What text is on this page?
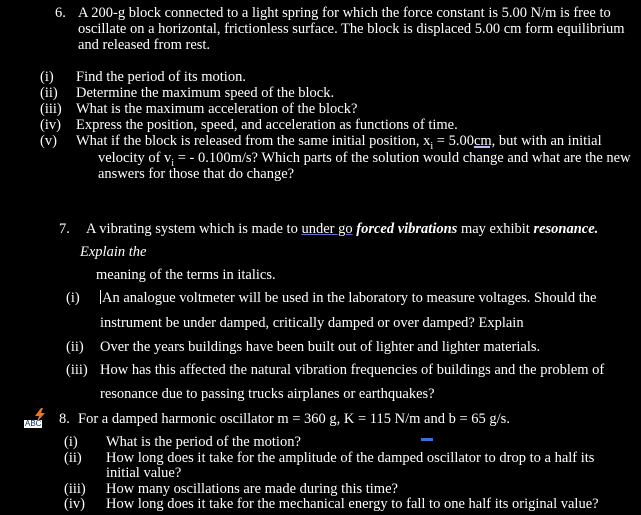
6. A 200-g block connected to a light spring for which the force constant is 5.00 N/m is free to
oscillate on a horizontal, frictionless surface. The block is displaced 5.00 cm form equilibrium
and released from rest.
(i) Find the period of its motion.
(ii) Determine the maximum speed of the block.
(iii) What is the maximum acceleration of the block?
(iv) Express the position, speed, and acceleration as functions of time.
(v) What if the block is released from the same initial position, $x_i = 5.00cm$, but with an initial
velocity of $v_i$ = - 0.100m/s? Which parts of the solution would change and what are the new
answers for those that do change?
7. A vibrating system which is made to under go forced vibrations may exhibit resonance.
Explain the
meaning of the terms in italics.
(i) An analogue voltmeter will be used in the laboratory to measure voltages. Should the
instrument be under damped, critically damped or over damped? Explain
(ii) Over the years buildings have been built out of lighter and lighter materials.
(iii) How has this affected the natural vibration frequencies of buildings and the problem of
resonance due to passing trucks airplanes or earthquakes?
ABC 8. For a damped harmonic oscillator m = 360 g, K = 115 N/m and b = 65 g/s.
(i) What is the period of the motion?
(ii) How long does it take for the amplitude of the damped oscillator to drop to a half its
initial value?
(iii) How many oscillations are made during this time?
(iv) How long does it take for the mechanical energy to fall to one half its original value?
